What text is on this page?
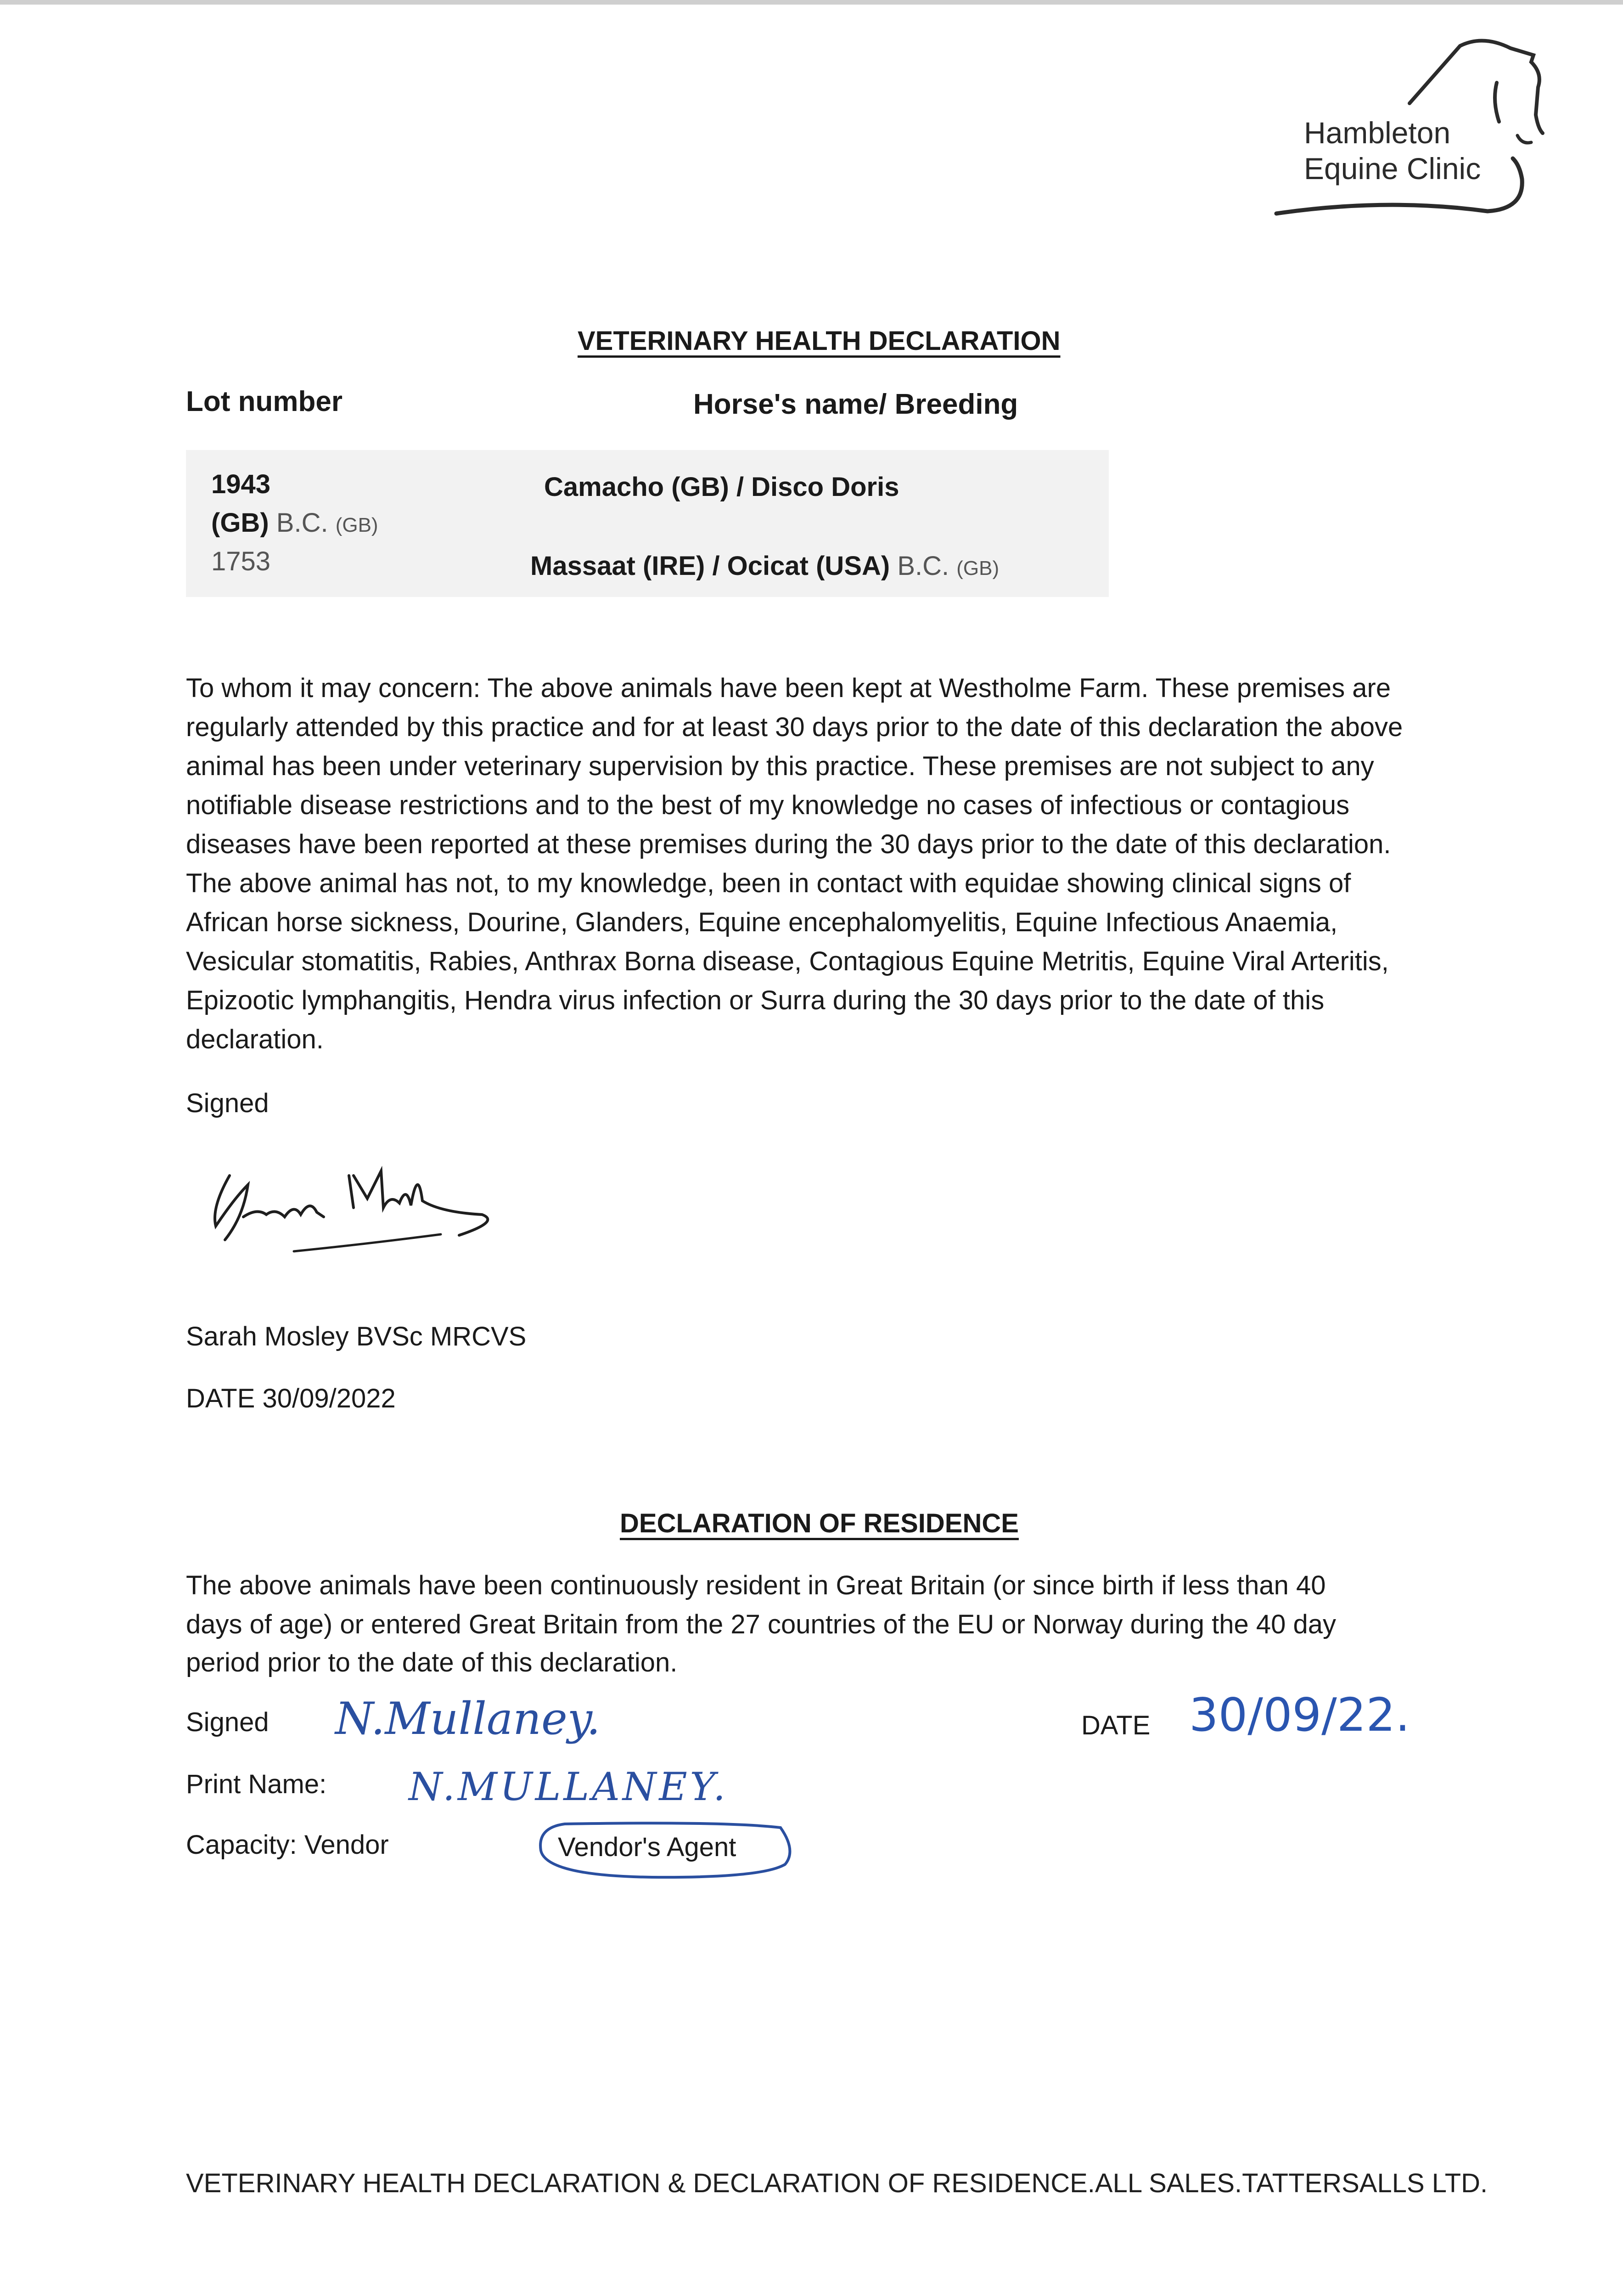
Hambleton
Equine Clinic
VETERINARY HEALTH DECLARATION
Lot number	Horse's name/ Breeding
1943	Camacho (GB) / Disco Doris
(GB) B.C. (GB)
1753	Massaat (IRE) / Ocicat (USA) B.C. (GB)
To whom it may concern: The above animals have been kept at Westholme Farm. These premises are regularly attended by this practice and for at least 30 days prior to the date of this declaration the above animal has been under veterinary supervision by this practice. These premises are not subject to any notifiable disease restrictions and to the best of my knowledge no cases of infectious or contagious diseases have been reported at these premises during the 30 days prior to the date of this declaration. The above animal has not, to my knowledge, been in contact with equidae showing clinical signs of African horse sickness, Dourine, Glanders, Equine encephalomyelitis, Equine Infectious Anaemia, Vesicular stomatitis, Rabies, Anthrax Borna disease, Contagious Equine Metritis, Equine Viral Arteritis, Epizootic lymphangitis, Hendra virus infection or Surra during the 30 days prior to the date of this declaration.
Signed
Sarah Mosley BVSc MRCVS
DATE 30/09/2022
DECLARATION OF RESIDENCE
The above animals have been continuously resident in Great Britain (or since birth if less than 40
days of age) or entered Great Britain from the 27 countries of the EU or Norway during the 40 day
period prior to the date of this declaration.
Signed N.Mullaney.	DATE 30/09/22.
Print Name: N.MULLANEY.
Capacity: Vendor	Vendor's Agent
VETERINARY HEALTH DECLARATION & DECLARATION OF RESIDENCE.ALL SALES.TATTERSALLS LTD.
